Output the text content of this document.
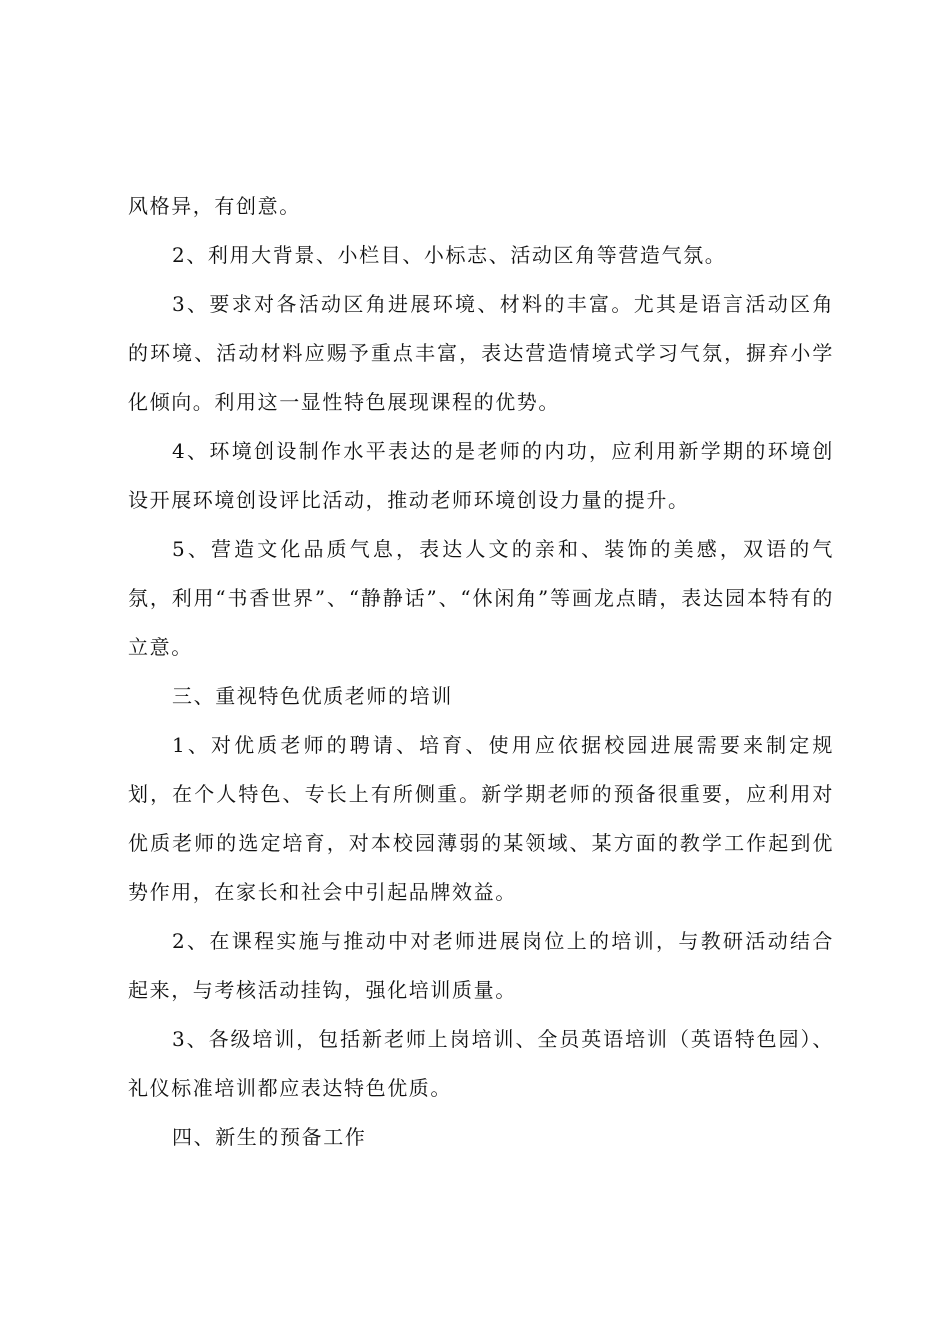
风格异，有创意。

2、利用大背景、小栏目、小标志、活动区角等营造气氛。

3、要求对各活动区角进展环境、材料的丰富。尤其是语言活动区角的环境、活动材料应赐予重点丰富，表达营造情境式学习气氛，摒弃小学化倾向。利用这一显性特色展现课程的优势。

4、环境创设制作水平表达的是老师的内功，应利用新学期的环境创设开展环境创设评比活动，推动老师环境创设力量的提升。

5、营造文化品质气息，表达人文的亲和、装饰的美感，双语的气氛，利用“书香世界”、“静静话”、“休闲角”等画龙点睛，表达园本特有的立意。

三、重视特色优质老师的培训

1、对优质老师的聘请、培育、使用应依据校园进展需要来制定规划，在个人特色、专长上有所侧重。新学期老师的预备很重要，应利用对优质老师的选定培育，对本校园薄弱的某领域、某方面的教学工作起到优势作用，在家长和社会中引起品牌效益。

2、在课程实施与推动中对老师进展岗位上的培训，与教研活动结合起来，与考核活动挂钩，强化培训质量。

3、各级培训，包括新老师上岗培训、全员英语培训（英语特色园）、礼仪标准培训都应表达特色优质。

四、新生的预备工作
